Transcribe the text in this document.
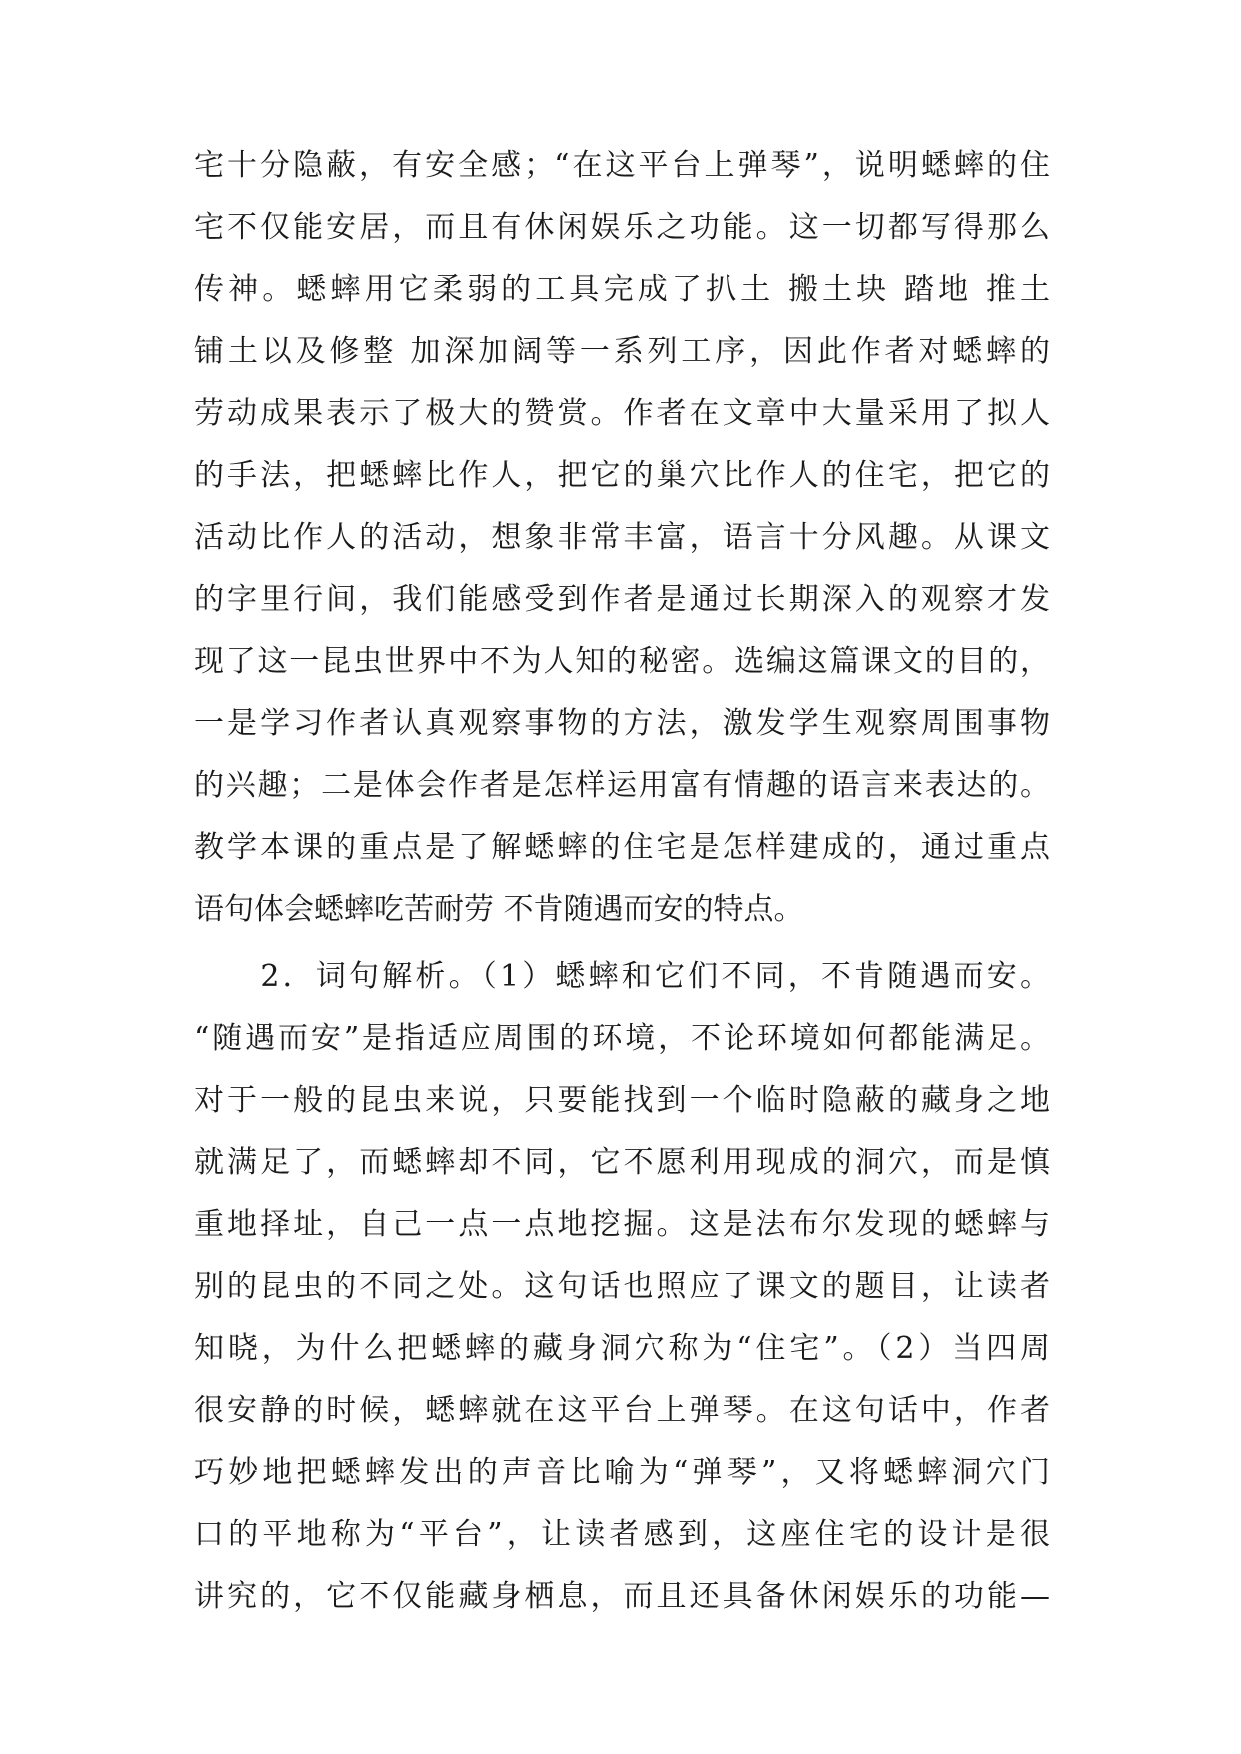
宅十分隐蔽，有安全感；“在这平台上弹琴”，说明蟋蟀的住
宅不仅能安居，而且有休闲娱乐之功能。这一切都写得那么
传神。蟋蟀用它柔弱的工具完成了扒土 搬土块 踏地 推土
铺土以及修整 加深加阔等一系列工序，因此作者对蟋蟀的
劳动成果表示了极大的赞赏。作者在文章中大量采用了拟人
的手法，把蟋蟀比作人，把它的巢穴比作人的住宅，把它的
活动比作人的活动，想象非常丰富，语言十分风趣。从课文
的字里行间，我们能感受到作者是通过长期深入的观察才发
现了这一昆虫世界中不为人知的秘密。选编这篇课文的目的，
一是学习作者认真观察事物的方法，激发学生观察周围事物
的兴趣；二是体会作者是怎样运用富有情趣的语言来表达的。
教学本课的重点是了解蟋蟀的住宅是怎样建成的，通过重点
语句体会蟋蟀吃苦耐劳 不肯随遇而安的特点。
　　2．词句解析。（1）蟋蟀和它们不同，不肯随遇而安。
“随遇而安”是指适应周围的环境，不论环境如何都能满足。
对于一般的昆虫来说，只要能找到一个临时隐蔽的藏身之地
就满足了，而蟋蟀却不同，它不愿利用现成的洞穴，而是慎
重地择址，自己一点一点地挖掘。这是法布尔发现的蟋蟀与
别的昆虫的不同之处。这句话也照应了课文的题目，让读者
知晓，为什么把蟋蟀的藏身洞穴称为“住宅”。（2）当四周
很安静的时候，蟋蟀就在这平台上弹琴。在这句话中，作者
巧妙地把蟋蟀发出的声音比喻为“弹琴”，又将蟋蟀洞穴门
口的平地称为“平台”，让读者感到，这座住宅的设计是很
讲究的，它不仅能藏身栖息，而且还具备休闲娱乐的功能—
